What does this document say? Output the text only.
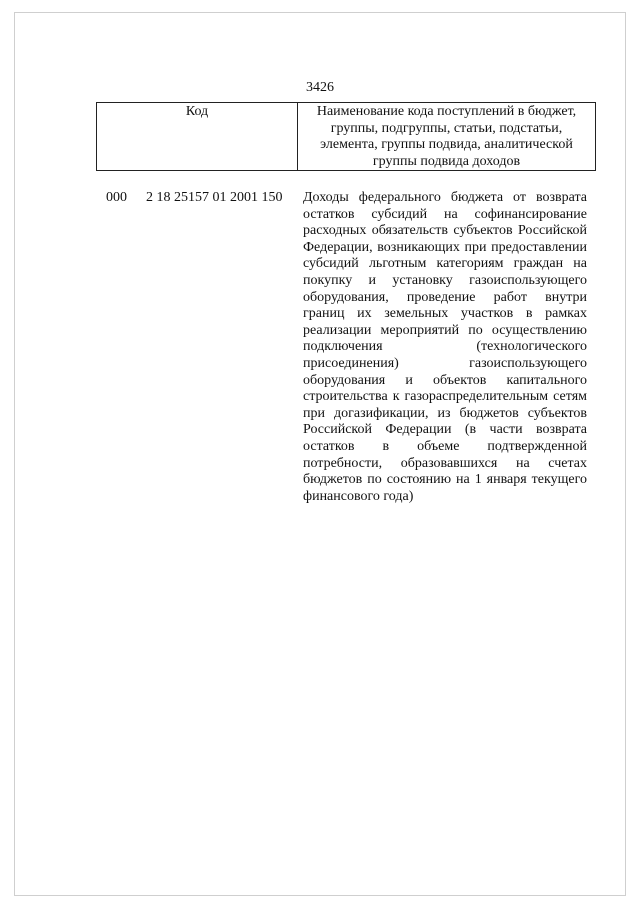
3426
Код	Наименование кода поступлений в бюджет, группы, подгруппы, статьи, подстатьи, элемента, группы подвида, аналитической группы подвида доходов
000 2 18 25157 01 2001 150 Доходы федерального бюджета от возврата остатков субсидий на софинансирование расходных обязательств субъектов Российской Федерации, возникающих при предоставлении субсидий льготным категориям граждан на покупку и установку газоиспользующего оборудования, проведение работ внутри границ их земельных участков в рамках реализации мероприятий по осуществлению подключения (технологического присоединения) газоиспользующего оборудования и объектов капитального строительства к газораспределительным сетям при догазификации, из бюджетов субъектов Российской Федерации (в части возврата остатков в объеме подтвержденной потребности, образовавшихся на счетах бюджетов по состоянию на 1 января текущего финансового года)
